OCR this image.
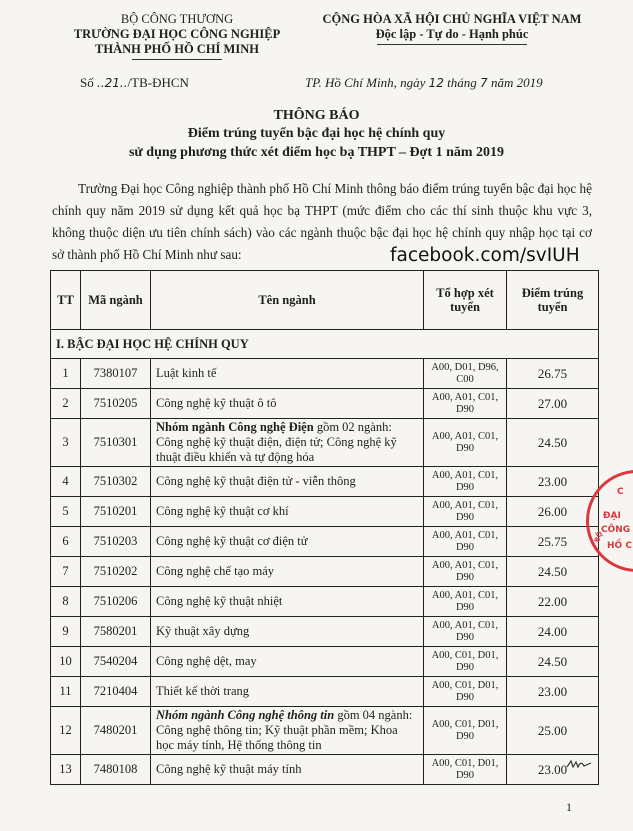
BỘ CÔNG THƯƠNG
TRƯỜNG ĐẠI HỌC CÔNG NGHIỆP
THÀNH PHỐ HỒ CHÍ MINH
CỘNG HÒA XÃ HỘI CHỦ NGHĨA VIỆT NAM
Độc lập - Tự do - Hạnh phúc
Số ..21../TB-ĐHCN	TP. Hồ Chí Minh, ngày 12 tháng 7 năm 2019
THÔNG BÁO
Điểm trúng tuyển bậc đại học hệ chính quy
sử dụng phương thức xét điểm học bạ THPT – Đợt 1 năm 2019
Trường Đại học Công nghiệp thành phố Hồ Chí Minh thông báo điểm trúng tuyển bậc đại học hệ chính quy năm 2019 sử dụng kết quả học bạ THPT (mức điểm cho các thí sinh thuộc khu vực 3, không thuộc diện ưu tiên chính sách) vào các ngành thuộc bậc đại học hệ chính quy nhập học tại cơ sở thành phố Hồ Chí Minh như sau:
TT	Mã ngành	Tên ngành	Tổ hợp xét tuyển	Điểm trúng tuyển
I. BẬC ĐẠI HỌC HỆ CHÍNH QUY				
1	7380107	Luật kinh tế	A00, D01, D96, C00	26.75
2	7510205	Công nghệ kỹ thuật ô tô	A00, A01, C01, D90	27.00
3	7510301	Nhóm ngành Công nghệ Điện gồm 02 ngành: Công nghệ kỹ thuật điện, điện tử; Công nghệ kỹ thuật điều khiển và tự động hóa	A00, A01, C01, D90	24.50
4	7510302	Công nghệ kỹ thuật điện tử - viễn thông	A00, A01, C01, D90	23.00
5	7510201	Công nghệ kỹ thuật cơ khí	A00, A01, C01, D90	26.00
6	7510203	Công nghệ kỹ thuật cơ điện tử	A00, A01, C01, D90	25.75
7	7510202	Công nghệ chế tạo máy	A00, A01, C01, D90	24.50
8	7510206	Công nghệ kỹ thuật nhiệt	A00, A01, C01, D90	22.00
9	7580201	Kỹ thuật xây dựng	A00, A01, C01, D90	24.00
10	7540204	Công nghệ dệt, may	A00, C01, D01, D90	24.50
11	7210404	Thiết kế thời trang	A00, C01, D01, D90	23.00
12	7480201	Nhóm ngành Công nghệ thông tin gồm 04 ngành: Công nghệ thông tin; Kỹ thuật phần mềm; Khoa học máy tính, Hệ thống thông tin	A00, C01, D01, D90	25.00
13	7480108	Công nghệ kỹ thuật máy tính	A00, C01, D01, D90	23.00
facebook.com/svIUH
C
ĐẠI
CÔNG
HỒ C
BỘ
1
